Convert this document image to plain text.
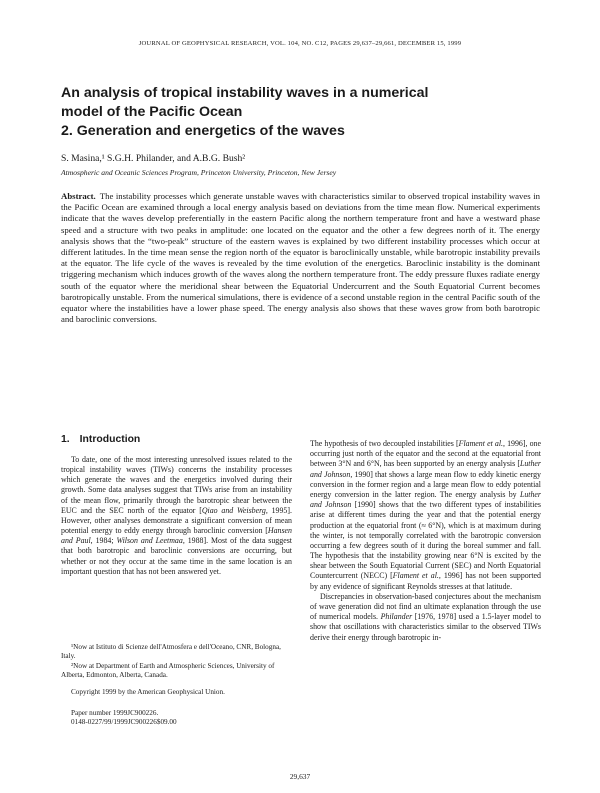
JOURNAL OF GEOPHYSICAL RESEARCH, VOL. 104, NO. C12, PAGES 29,637–29,661, DECEMBER 15, 1999
An analysis of tropical instability waves in a numerical
model of the Pacific Ocean
2. Generation and energetics of the waves
S. Masina,¹ S.G.H. Philander, and A.B.G. Bush²
Atmospheric and Oceanic Sciences Program, Princeton University, Princeton, New Jersey
Abstract. The instability processes which generate unstable waves with characteristics similar to observed tropical instability waves in the Pacific Ocean are examined through a local energy analysis based on deviations from the time mean flow. Numerical experiments indicate that the waves develop preferentially in the eastern Pacific along the northern temperature front and have a westward phase speed and a structure with two peaks in amplitude: one located on the equator and the other a few degrees north of it. The energy analysis shows that the “two-peak” structure of the eastern waves is explained by two different instability processes which occur at different latitudes. In the time mean sense the region north of the equator is baroclinically unstable, while barotropic instability prevails at the equator. The life cycle of the waves is revealed by the time evolution of the energetics. Baroclinic instability is the dominant triggering mechanism which induces growth of the waves along the northern temperature front. The eddy pressure fluxes radiate energy south of the equator where the meridional shear between the Equatorial Undercurrent and the South Equatorial Current becomes barotropically unstable. From the numerical simulations, there is evidence of a second unstable region in the central Pacific south of the equator where the instabilities have a lower phase speed. The energy analysis also shows that these waves grow from both barotropic and baroclinic conversions.
1. Introduction

To date, one of the most interesting unresolved issues related to the tropical instability waves (TIWs) concerns the instability processes which generate the waves and the energetics involved during their growth. Some data analyses suggest that TIWs arise from an instability of the mean flow, primarily through the barotropic shear between the EUC and the SEC north of the equator [Qiao and Weisberg, 1995]. However, other analyses demonstrate a significant conversion of mean potential energy to eddy energy through baroclinic conversion [Hansen and Paul, 1984; Wilson and Leetmaa, 1988]. Most of the data suggest that both barotropic and baroclinic conversions are occurring, but whether or not they occur at the same time in the same location is an important question that has not been answered yet.

¹Now at Istituto di Scienze dell'Atmosfera e dell'Oceano, CNR, Bologna, Italy.

²Now at Department of Earth and Atmospheric Sciences, University of Alberta, Edmonton, Alberta, Canada.

Copyright 1999 by the American Geophysical Union.

Paper number 1999JC900226.

0148-0227/99/1999JC900226$09.00

The hypothesis of two decoupled instabilities [Flament et al., 1996], one occurring just north of the equator and the second at the equatorial front between 3°N and 6°N, has been supported by an energy analysis [Luther and Johnson, 1990] that shows a large mean flow to eddy kinetic energy conversion in the former region and a large mean flow to eddy potential energy conversion in the latter region. The energy analysis by Luther and Johnson [1990] shows that the two different types of instabilities arise at different times during the year and that the potential energy production at the equatorial front (≈ 6°N), which is at maximum during the winter, is not temporally correlated with the barotropic conversion occurring a few degrees south of it during the boreal summer and fall. The hypothesis that the instability growing near 6°N is excited by the shear between the South Equatorial Current (SEC) and North Equatorial Countercurrent (NECC) [Flament et al., 1996] has not been supported by any evidence of significant Reynolds stresses at that latitude.

Discrepancies in observation-based conjectures about the mechanism of wave generation did not find an ultimate explanation through the use of numerical models. Philander [1976, 1978] used a 1.5-layer model to show that oscillations with characteristics similar to the observed TIWs derive their energy through barotropic in-

29,637
